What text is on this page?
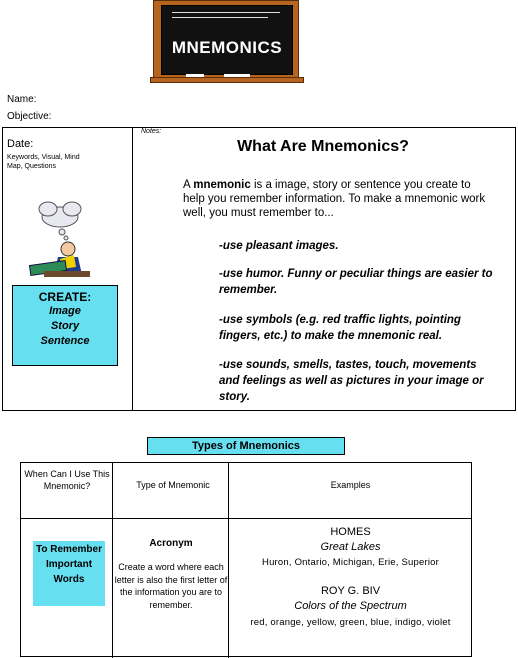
MNEMONICS
Name:
Objective:
Date:
Keywords, Visual, Mind Map, Questions
Notes:
CREATE:
Image
Story
Sentence
What Are Mnemonics?
A mnemonic is a image, story or sentence you create to help you remember information. To make a mnemonic work well, you must remember to...
-use pleasant images.
-use humor. Funny or peculiar things are easier to remember.
-use symbols (e.g. red traffic lights, pointing fingers, etc.) to make the mnemonic real.
-use sounds, smells, tastes, touch, movements and feelings as well as pictures in your image or story.
Types of Mnemonics
When Can I Use This Mnemonic?	Type of Mnemonic	Examples
To Remember Important Words
Acronym
Create a word where each letter is also the first letter of the information you are to remember.
HOMES
Great Lakes
Huron, Ontario, Michigan, Erie, Superior
ROY G. BIV
Colors of the Spectrum
red, orange, yellow, green, blue, indigo, violet
